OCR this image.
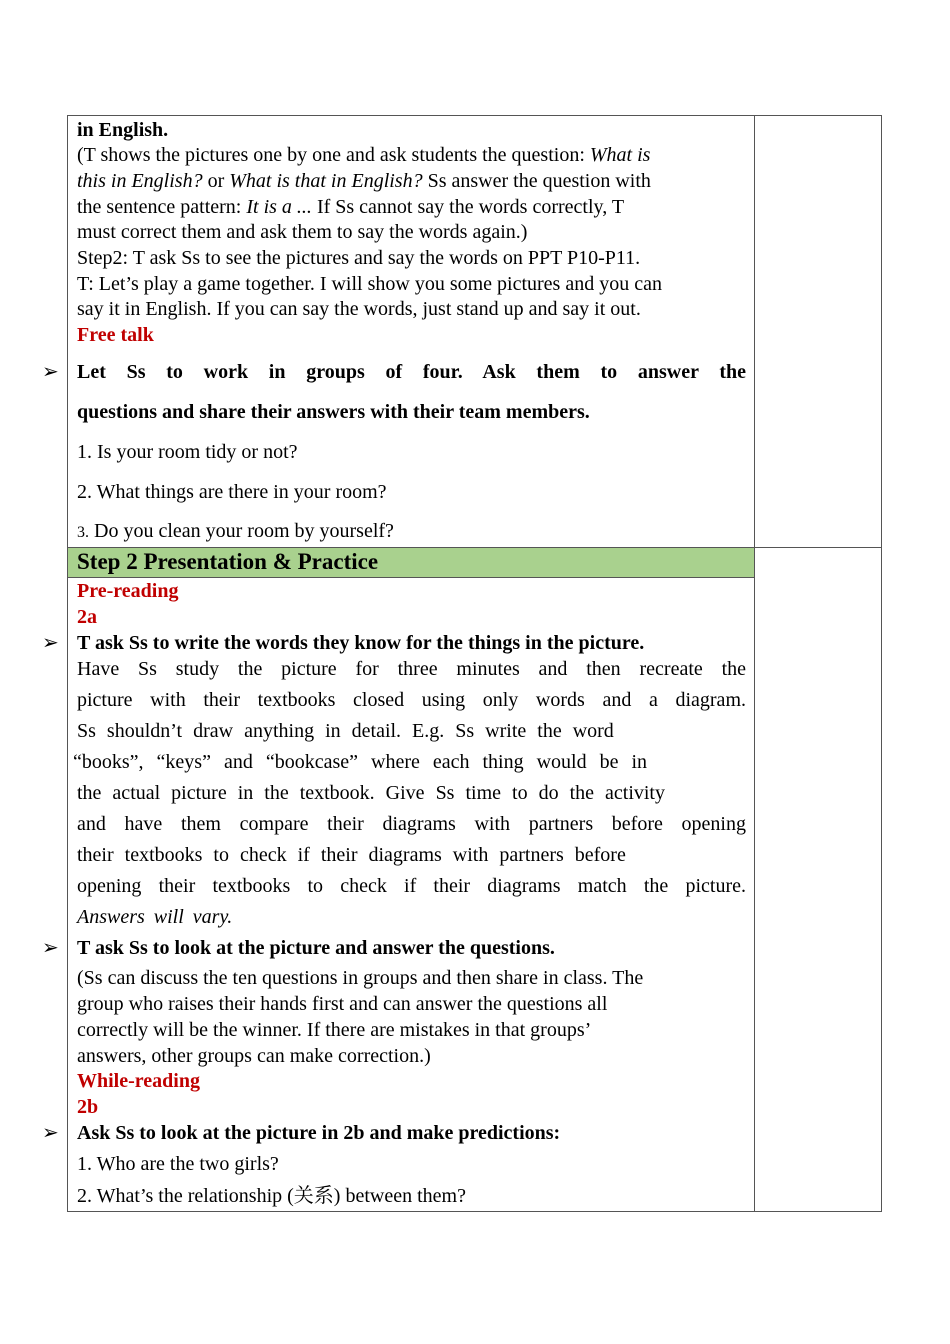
in English.
(T shows the pictures one by one and ask students the question: What is
this in English? or What is that in English? Ss answer the question with
the sentence pattern: It is a ... If Ss cannot say the words correctly, T
must correct them and ask them to say the words again.)
Step2: T ask Ss to see the pictures and say the words on PPT P10-P11.
T: Let’s play a game together. I will show you some pictures and you can
say it in English. If you can say the words, just stand up and say it out.
Free talk
➢ Let Ss to work in groups of four. Ask them to answer the
questions and share their answers with their team members.
1. Is your room tidy or not?
2. What things are there in your room?
3. Do you clean your room by yourself?
Step 2 Presentation & Practice
Pre-reading
2a
➢ T ask Ss to write the words they know for the things in the picture.
Have Ss study the picture for three minutes and then recreate the
picture with their textbooks closed using only words and a diagram.
Ss shouldn’t draw anything in detail. E.g. Ss write the word
“books”, “keys” and “bookcase” where each thing would be in
the actual picture in the textbook. Give Ss time to do the activity
and have them compare their diagrams with partners before opening
their textbooks to check if their diagrams with partners before
opening their textbooks to check if their diagrams match the picture.
Answers will vary.
➢ T ask Ss to look at the picture and answer the questions.
(Ss can discuss the ten questions in groups and then share in class. The
group who raises their hands first and can answer the questions all
correctly will be the winner. If there are mistakes in that groups’
answers, other groups can make correction.)
While-reading
2b
➢ Ask Ss to look at the picture in 2b and make predictions:
1. Who are the two girls?
2. What’s the relationship (关系) between them?
